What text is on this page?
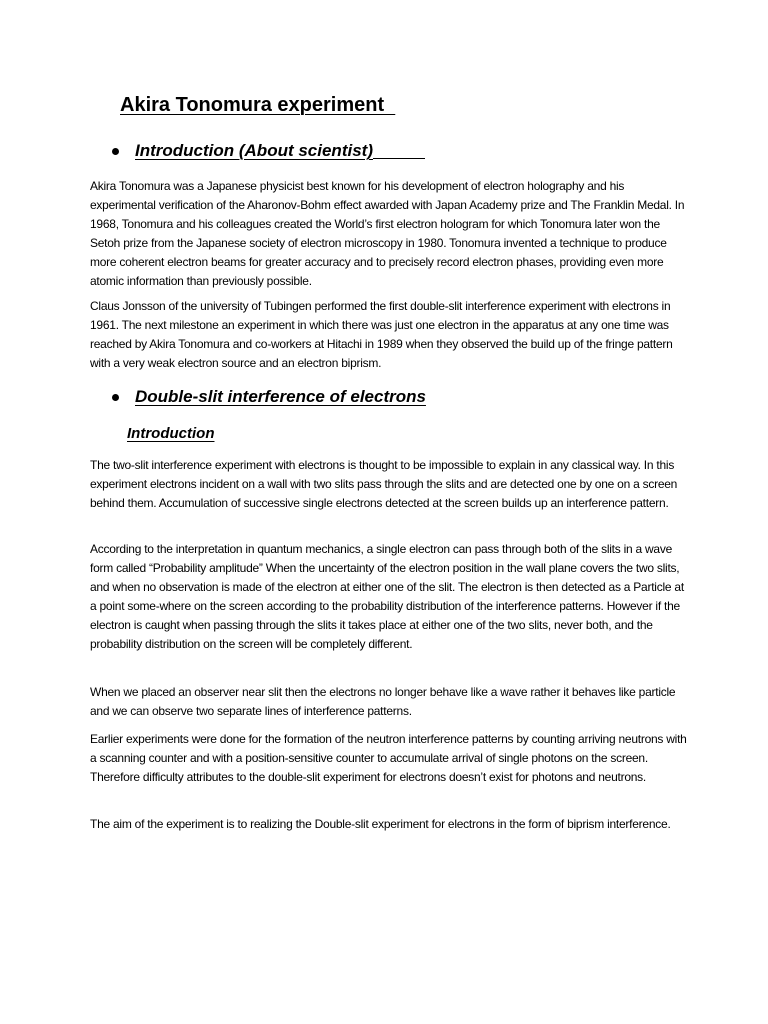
Akira Tonomura experiment
Introduction (About scientist)

Akira Tonomura was a Japanese physicist best known for his development of electron holography and his experimental verification of the Aharonov-Bohm effect awarded with Japan Academy prize and The Franklin Medal. In 1968, Tonomura and his colleagues created the World’s first electron hologram for which Tonomura later won the Setoh prize from the Japanese society of electron microscopy in 1980. Tonomura invented a technique to produce more coherent electron beams for greater accuracy and to precisely record electron phases, providing even more atomic information than previously possible.

Claus Jonsson of the university of Tubingen performed the first double-slit interference experiment with electrons in 1961. The next milestone an experiment in which there was just one electron in the apparatus at any one time was reached by Akira Tonomura and co-workers at Hitachi in 1989 when they observed the build up of the fringe pattern with a very weak electron source and an electron biprism.

Double-slit interference of electrons
Introduction

The two-slit interference experiment with electrons is thought to be impossible to explain in any classical way. In this experiment electrons incident on a wall with two slits pass through the slits and are detected one by one on a screen behind them. Accumulation of successive single electrons detected at the screen builds up an interference pattern.

According to the interpretation in quantum mechanics, a single electron can pass through both of the slits in a wave form called “Probability amplitude” When the uncertainty of the electron position in the wall plane covers the two slits, and when no observation is made of the electron at either one of the slit. The electron is then detected as a Particle at a point some-where on the screen according to the probability distribution of the interference patterns. However if the electron is caught when passing through the slits it takes place at either one of the two slits, never both, and the probability distribution on the screen will be completely different.

When we placed an observer near slit then the electrons no longer behave like a wave rather it behaves like particle and we can observe two separate lines of interference patterns.

Earlier experiments were done for the formation of the neutron interference patterns by counting arriving neutrons with a scanning counter and with a position-sensitive counter to accumulate arrival of single photons on the screen. Therefore difficulty attributes to the double-slit experiment for electrons doesn’t exist for photons and neutrons.

The aim of the experiment is to realizing the Double-slit experiment for electrons in the form of biprism interference.
